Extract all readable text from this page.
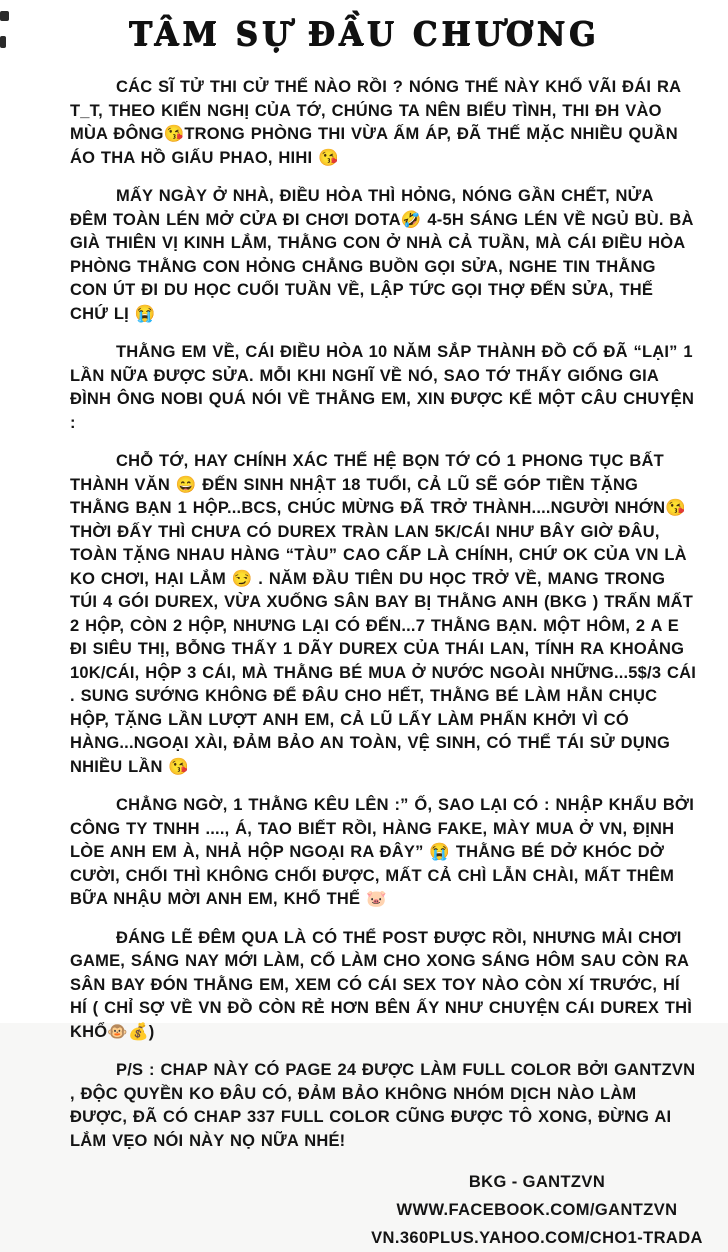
TÂM SỰ ĐẦU CHƯƠNG

CÁC SĨ TỬ THI CỬ THẾ NÀO RỒI ? NÓNG THẾ NÀY KHỔ VÃI ĐÁI RA T_T, THEO KIẾN NGHỊ CỦA TỚ, CHÚNG TA NÊN BIỂU TÌNH, THI ĐH VÀO MÙA ĐÔNG😘TRONG PHÒNG THI VỪA ẤM ÁP, ĐÃ THẾ MẶC NHIỀU QUẦN ÁO THA HỒ GIẤU PHAO, HIHI 😘

MẤY NGÀY Ở NHÀ, ĐIỀU HÒA THÌ HỎNG, NÓNG GẦN CHẾT, NỬA ĐÊM TOÀN LÉN MỞ CỬA ĐI CHƠI DOTA🤣 4-5H SÁNG LÉN VỀ NGỦ BÙ. BÀ GIÀ THIÊN VỊ KINH LẮM, THẰNG CON Ở NHÀ CẢ TUẦN, MÀ CÁI ĐIỀU HÒA PHÒNG THẰNG CON HỎNG CHẲNG BUỒN GỌI SỬA, NGHE TIN THẰNG CON ÚT ĐI DU HỌC CUỐI TUẦN VỀ, LẬP TỨC GỌI THỢ ĐẾN SỬA, THẾ CHỨ LỊ 😭

THẰNG EM VỀ, CÁI ĐIỀU HÒA 10 NĂM SẮP THÀNH ĐỒ CỔ ĐÃ “LẠI” 1 LẦN NỮA ĐƯỢC SỬA. MỖI KHI NGHĨ VỀ NÓ, SAO TỚ THẤY GIỐNG GIA ĐÌNH ÔNG NOBI QUÁ NÓI VỀ THẰNG EM, XIN ĐƯỢC KỂ MỘT CÂU CHUYỆN :

CHỖ TỚ, HAY CHÍNH XÁC THẾ HỆ BỌN TỚ CÓ 1 PHONG TỤC BẤT THÀNH VĂN 😄 ĐẾN SINH NHẬT 18 TUỔI, CẢ LŨ SẼ GÓP TIỀN TẶNG THẰNG BẠN 1 HỘP...BCS, CHÚC MỪNG ĐÃ TRỞ THÀNH....NGƯỜI NHỚN😘THỜI ĐẤY THÌ CHƯA CÓ DUREX TRÀN LAN 5K/CÁI NHƯ BÂY GIỜ ĐÂU, TOÀN TẶNG NHAU HÀNG “TÀU” CAO CẤP LÀ CHÍNH, CHỨ OK CỦA VN LÀ KO CHƠI, HẠI LẮM 😏 . NĂM ĐẦU TIÊN DU HỌC TRỞ VỀ, MANG TRONG TÚI 4 GÓI DUREX, VỪA XUỐNG SÂN BAY BỊ THẰNG ANH (BKG ) TRẤN MẤT 2 HỘP, CÒN 2 HỘP, NHƯNG LẠI CÓ ĐẾN...7 THẰNG BẠN. MỘT HÔM, 2 A E ĐI SIÊU THỊ, BỖNG THẤY 1 DÃY DUREX CỦA THÁI LAN, TÍNH RA KHOẢNG 10K/CÁI, HỘP 3 CÁI, MÀ THẰNG BÉ MUA Ở NƯỚC NGOÀI NHỮNG...5$/3 CÁI . SUNG SƯỚNG KHÔNG ĐỂ ĐÂU CHO HẾT, THẰNG BÉ LÀM HẲN CHỤC HỘP, TẶNG LẦN LƯỢT ANH EM, CẢ LŨ LẤY LÀM PHẤN KHỞI VÌ CÓ HÀNG...NGOẠI XÀI, ĐẢM BẢO AN TOÀN, VỆ SINH, CÓ THỂ TÁI SỬ DỤNG NHIỀU LẦN 😘

CHẲNG NGỜ, 1 THẰNG KÊU LÊN :” Ố, SAO LẠI CÓ : NHẬP KHẨU BỞI CÔNG TY TNHH ...., Á, TAO BIẾT RỒI, HÀNG FAKE, MÀY MUA Ở VN, ĐỊNH LÒE ANH EM À, NHẢ HỘP NGOẠI RA ĐÂY” 😭 THẰNG BÉ DỞ KHÓC DỞ CƯỜI, CHỐI THÌ KHÔNG CHỐI ĐƯỢC, MẤT CẢ CHÌ LẪN CHÀI, MẤT THÊM BỮA NHẬU MỜI ANH EM, KHỔ THẾ 🐷

ĐÁNG LẼ ĐÊM QUA LÀ CÓ THỂ POST ĐƯỢC RỒI, NHƯNG MẢI CHƠI GAME, SÁNG NAY MỚI LÀM, CỐ LÀM CHO XONG SÁNG HÔM SAU CÒN RA SÂN BAY ĐÓN THẰNG EM, XEM CÓ CÁI SEX TOY NÀO CÒN XÍ TRƯỚC, HÍ HÍ ( CHỈ SỢ VỀ VN ĐỒ CÒN RẺ HƠN BÊN ẤY NHƯ CHUYỆN CÁI DUREX THÌ KHỔ🐵💰)

P/S : CHAP NÀY CÓ PAGE 24 ĐƯỢC LÀM FULL COLOR BỞI GANTZVN , ĐỘC QUYỀN KO ĐÂU CÓ, ĐẢM BẢO KHÔNG NHÓM DỊCH NÀO LÀM ĐƯỢC, ĐÃ CÓ CHAP 337 FULL COLOR CŨNG ĐƯỢC TÔ XONG, ĐỪNG AI LẮM VẸO NÓI NÀY NỌ NỮA NHÉ!

BKG - GANTZVN
WWW.FACEBOOK.COM/GANTZVN
VN.360PLUS.YAHOO.COM/CHO1-TRADA
